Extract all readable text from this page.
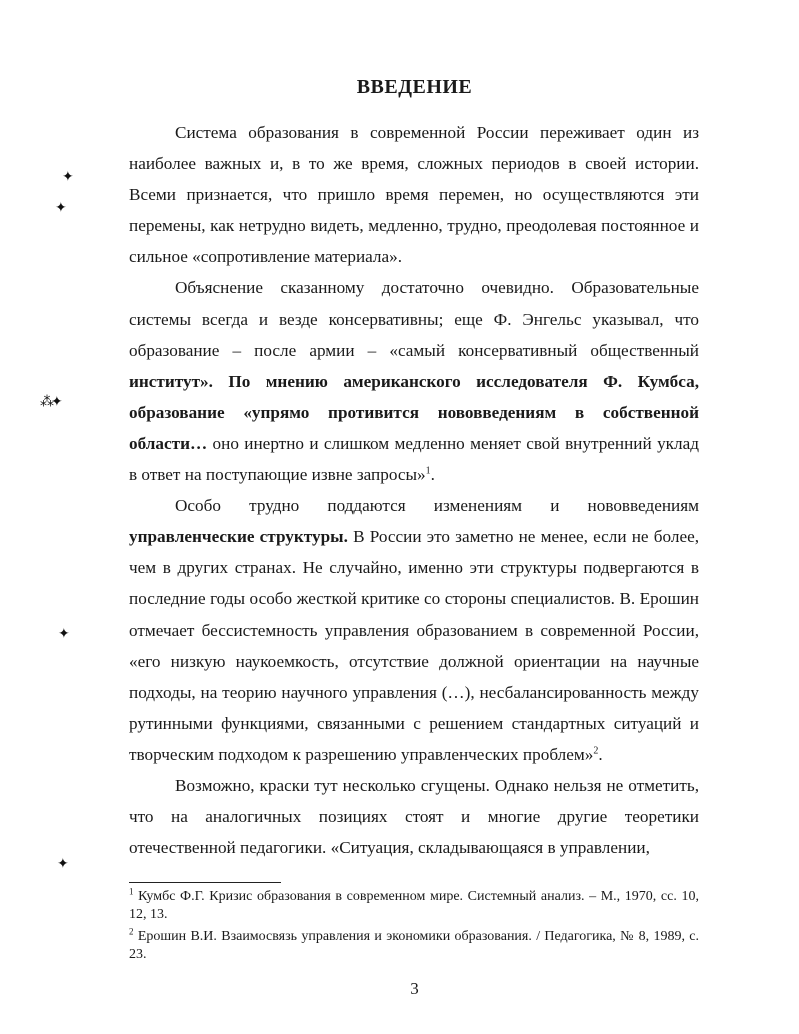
ВВЕДЕНИЕ

Система образования в современной России переживает один из наиболее важных и, в то же время, сложных периодов в своей истории. Всеми признается, что пришло время перемен, но осуществляются эти перемены, как нетрудно видеть, медленно, трудно, преодолевая постоянное и сильное «сопротивление материала».

Объяснение сказанному достаточно очевидно. Образовательные системы всегда и везде консервативны; еще Ф. Энгельс указывал, что образование – после армии – «самый консервативный общественный институт». По мнению американского исследователя Ф. Кумбса, образование «упрямо противится нововведениям в собственной области… оно инертно и слишком медленно меняет свой внутренний уклад в ответ на поступающие извне запросы»$^1$.

Особо трудно поддаются изменениям и нововведениям управленческие структуры. В России это заметно не менее, если не более, чем в других странах. Не случайно, именно эти структуры подвергаются в последние годы особо жесткой критике со стороны специалистов. В. Ерошин отмечает бессистемность управления образованием в современной России, «его низкую наукоемкость, отсутствие должной ориентации на научные подходы, на теорию научного управления (…), несбалансированность между рутинными функциями, связанными с решением стандартных ситуаций и творческим подходом к разрешению управленческих проблем»$^2$.

Возможно, краски тут несколько сгущены. Однако нельзя не отметить, что на аналогичных позициях стоят и многие другие теоретики отечественной педагогики. «Ситуация, складывающаяся в управлении,

$^1$ Кумбс Ф.Г. Кризис образования в современном мире. Системный анализ. – М., 1970, сс. 10, 12, 13.

$^2$ Ерошин В.И. Взаимосвязь управления и экономики образования. / Педагогика, № 8, 1989, с. 23.

3
✦
✦
⁂✦
✦
✦
